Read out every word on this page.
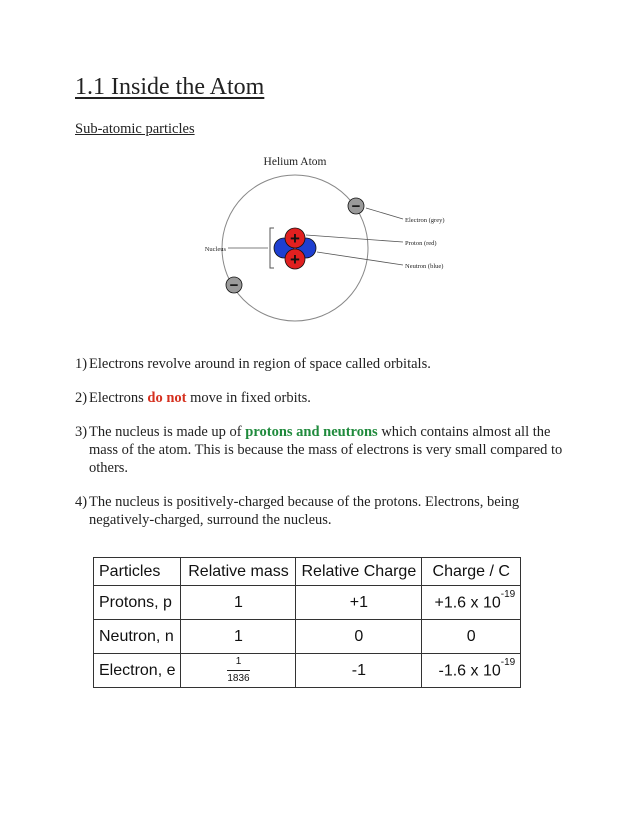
1.1 Inside the Atom
Sub-atomic particles
Helium Atom
Nucleus
+
+
−
−
Electron (grey)
Proton (red)
Neutron (blue)
1) Electrons revolve around in region of space called orbitals.
2) Electrons do not move in fixed orbits.
3) The nucleus is made up of protons and neutrons which contains almost all the mass of the atom. This is because the mass of electrons is very small compared to others.
4) The nucleus is positively-charged because of the protons. Electrons, being negatively-charged, surround the nucleus.
Particles	Relative mass	Relative Charge	Charge / C
Protons, p	1	+1	+1.6 x $10^{-19}$
Neutron, n	1	0	0
Electron, e	$\frac{1}{1836}$	-1	-1.6 x $10^{-19}$
